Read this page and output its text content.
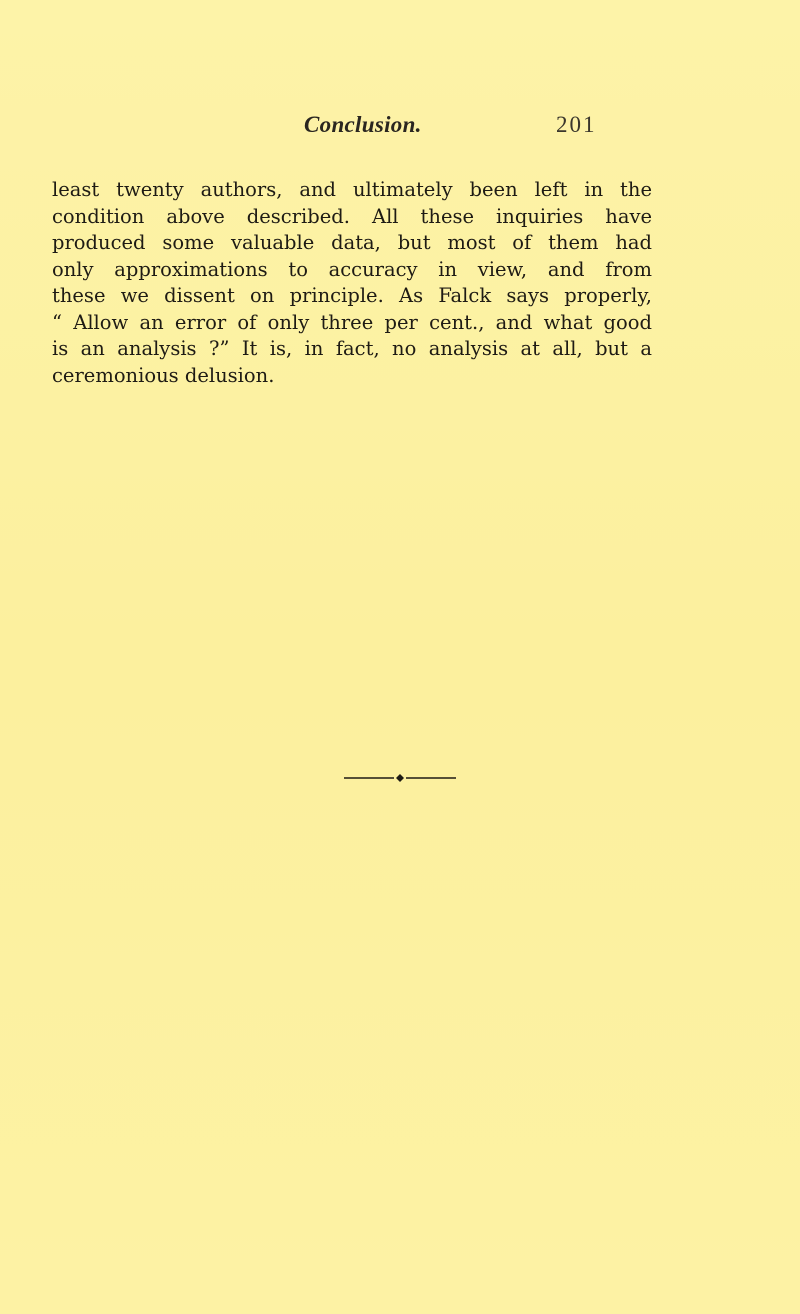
Conclusion.	201
least twenty authors, and ultimately been left in the
condition above described. All these inquiries have
produced some valuable data, but most of them had
only approximations to accuracy in view, and from
these we dissent on principle. As Falck says properly,
“ Allow an error of only three per cent., and what good
is an analysis ?” It is, in fact, no analysis at all, but a
ceremonious delusion.
